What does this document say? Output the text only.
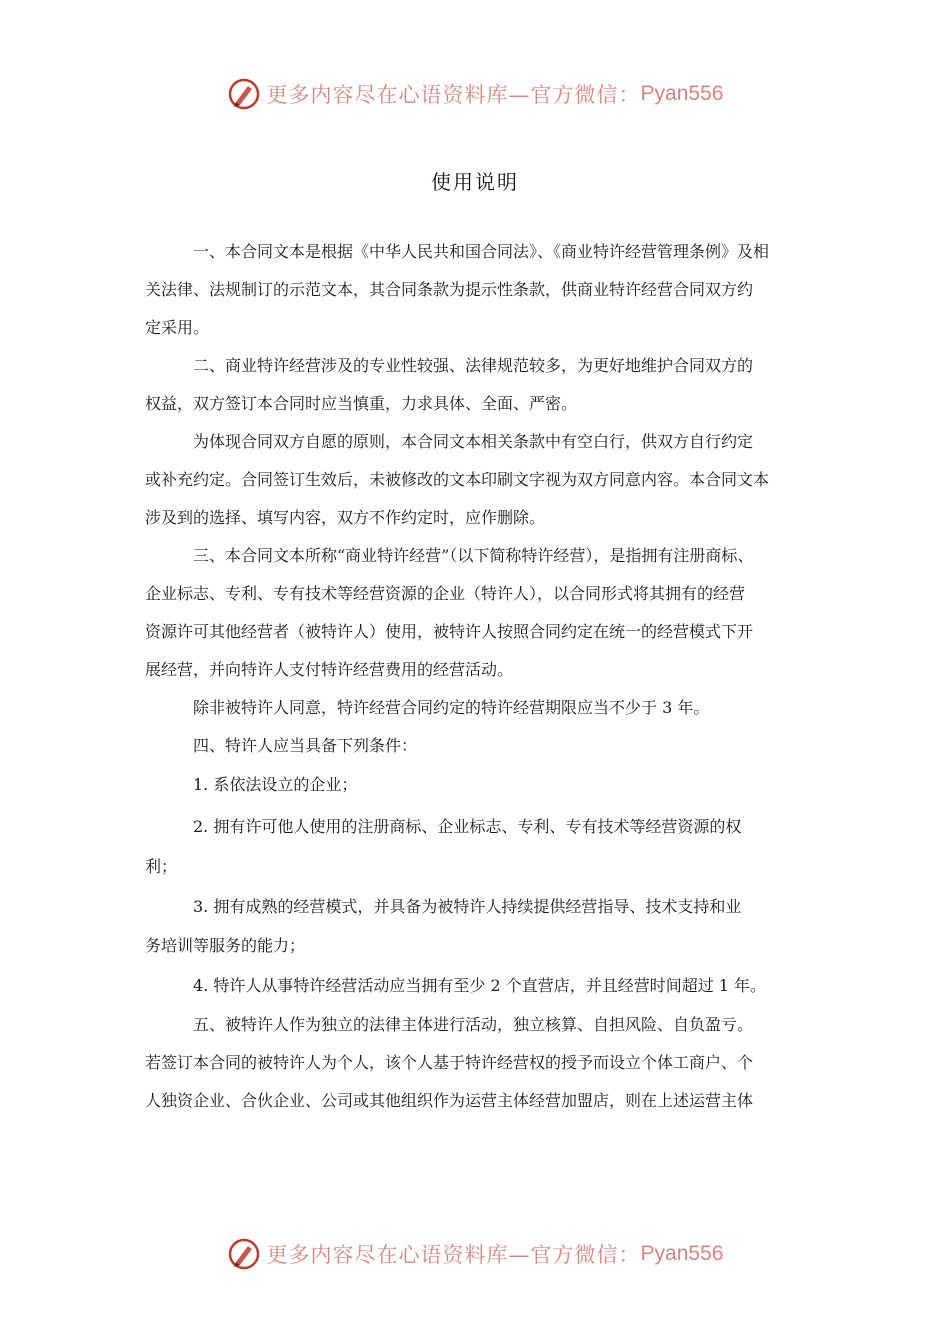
更多内容尽在心语资料库—官方微信： Pyan556
使用说明
一、本合同文本是根据《中华人民共和国合同法》、《商业特许经营管理条例》及相
关法律、法规制订的示范文本，其合同条款为提示性条款，供商业特许经营合同双方约
定采用。
二、商业特许经营涉及的专业性较强、法律规范较多，为更好地维护合同双方的
权益，双方签订本合同时应当慎重，力求具体、全面、严密。
为体现合同双方自愿的原则，本合同文本相关条款中有空白行，供双方自行约定
或补充约定。合同签订生效后，未被修改的文本印刷文字视为双方同意内容。本合同文本
涉及到的选择、填写内容，双方不作约定时，应作删除。
三、本合同文本所称“商业特许经营”（以下简称特许经营），是指拥有注册商标、
企业标志、专利、专有技术等经营资源的企业（特许人），以合同形式将其拥有的经营
资源许可其他经营者（被特许人）使用，被特许人按照合同约定在统一的经营模式下开
展经营，并向特许人支付特许经营费用的经营活动。
除非被特许人同意，特许经营合同约定的特许经营期限应当不少于 3 年。
四、特许人应当具备下列条件：
1. 系依法设立的企业；
2. 拥有许可他人使用的注册商标、企业标志、专利、专有技术等经营资源的权
利；
3. 拥有成熟的经营模式，并具备为被特许人持续提供经营指导、技术支持和业
务培训等服务的能力；
4. 特许人从事特许经营活动应当拥有至少 2 个直营店，并且经营时间超过 1 年。
五、被特许人作为独立的法律主体进行活动，独立核算、自担风险、自负盈亏。
若签订本合同的被特许人为个人，该个人基于特许经营权的授予而设立个体工商户、个
人独资企业、合伙企业、公司或其他组织作为运营主体经营加盟店，则在上述运营主体
更多内容尽在心语资料库—官方微信： Pyan556
